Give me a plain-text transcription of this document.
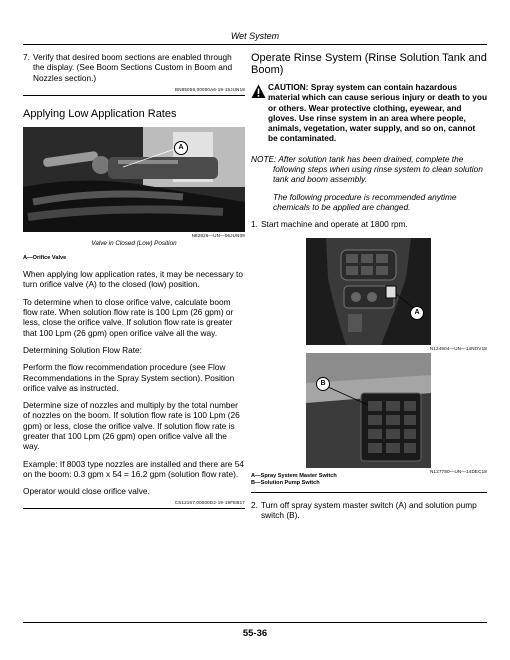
Wet System
7. Verify that desired boom sections are enabled through the display. (See Boom Sections Custom in Boom and Nozzles section.)
BN85058,00000A6-19-15JUN18
Applying Low Application Rates
A
N82826—UN—06JUN09
Valve in Closed (Low) Position
A—Orifice Valve

When applying low application rates, it may be necessary to turn orifice valve (A) to the closed (low) position.

To determine when to close orifice valve, calculate boom flow rate. When solution flow rate is 100 Lpm (26 gpm) or less, close the orifice valve. If solution flow rate is greater that 100 Lpm (26 gpm) open orifice valve all the way.

Determining Solution Flow Rate:

Perform the flow recommendation procedure (see Flow Recommendations in the Spray System section). Position orifice valve as instructed.

Determine size of nozzles and multiply by the total number of nozzles on the boom. If solution flow rate is 100 Lpm (26 gpm) or less, close the orifice valve. If solution flow rate is greater that 100 Lpm (26 gpm) open orifice valve all the way.

Example: If 8003 type nozzles are installed and there are 54 on the boom: 0.3 gpm x 54 = 16.2 gpm (solution flow rate).

Operator would close orifice valve.

CS12157,00000D2-19-19FEB17
Operate Rinse System (Rinse Solution Tank and Boom)
CAUTION: Spray system can contain hazardous material which can cause serious injury or death to you or others. Wear protective clothing, eyewear, and gloves. Use rinse system in an area where people, animals, vegetation, water supply, and so on, cannot be contaminated.

NOTE: After solution tank has been drained, complete the following steps when using rinse system to clean solution tank and boom assembly.

The following procedure is recommended anytime chemicals to be applied are changed.

1. Start machine and operate at 1800 rpm.
A
N124904—UN—14NOV18
B
N127780—UN—14DEC18
A—Spray System Master Switch
B—Solution Pump Switch
2. Turn off spray system master switch (A) and solution pump switch (B).
55-36
